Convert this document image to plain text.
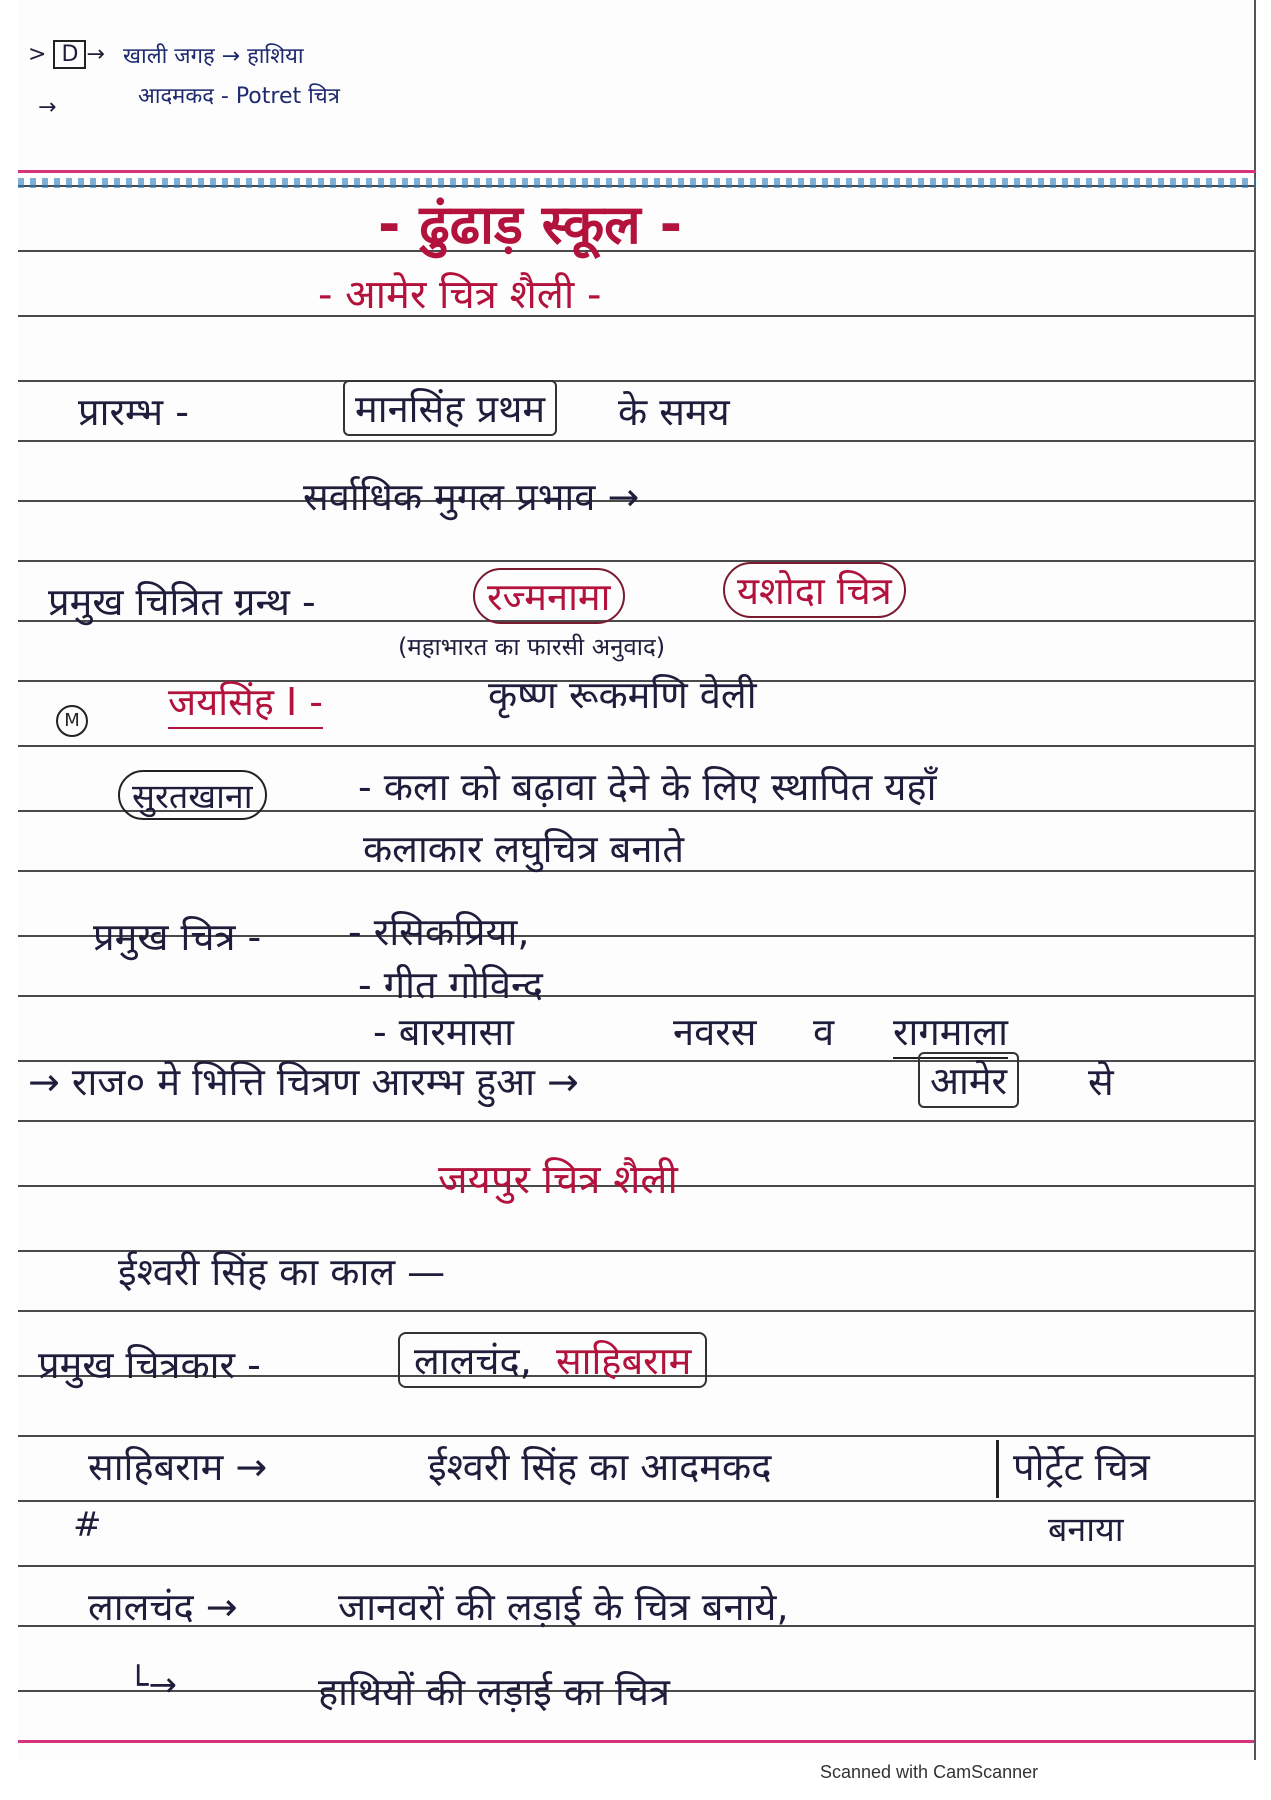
> D → खाली जगह → हाशिया
→	आदमकद - Potret चित्र
- ढुंढाड़ स्कूल -
- आमेर चित्र शैली -
प्रारम्भ -	मानसिंह प्रथम	के समय
सर्वाधिक मुगल प्रभाव →
प्रमुख चित्रित ग्रन्थ -	रज्मनामा	यशोदा चित्र
(महाभारत का फारसी अनुवाद)
M जयसिंह I -	कृष्ण रूकमणि वेली
सुरतखाना	- कला को बढ़ावा देने के लिए स्थापित यहाँ
कलाकार लघुचित्र बनाते
प्रमुख चित्र - - रसिकप्रिया,
- गीत गोविन्द
- बारमासा	नवरस व रागमाला
→ राज० मे भित्ति चित्रण आरम्भ हुआ →	आमेर	से
जयपुर चित्र शैली
ईश्वरी सिंह का काल —
प्रमुख चित्रकार -	लालचंद,  साहिबराम
साहिबराम →	ईश्वरी सिंह का आदमकद	पोर्ट्रेट चित्र
बनाया
#
लालचंद →	जानवरों की लड़ाई के चित्र बनाये,
└→	हाथियों की लड़ाई का चित्र
Scanned with CamScanner
